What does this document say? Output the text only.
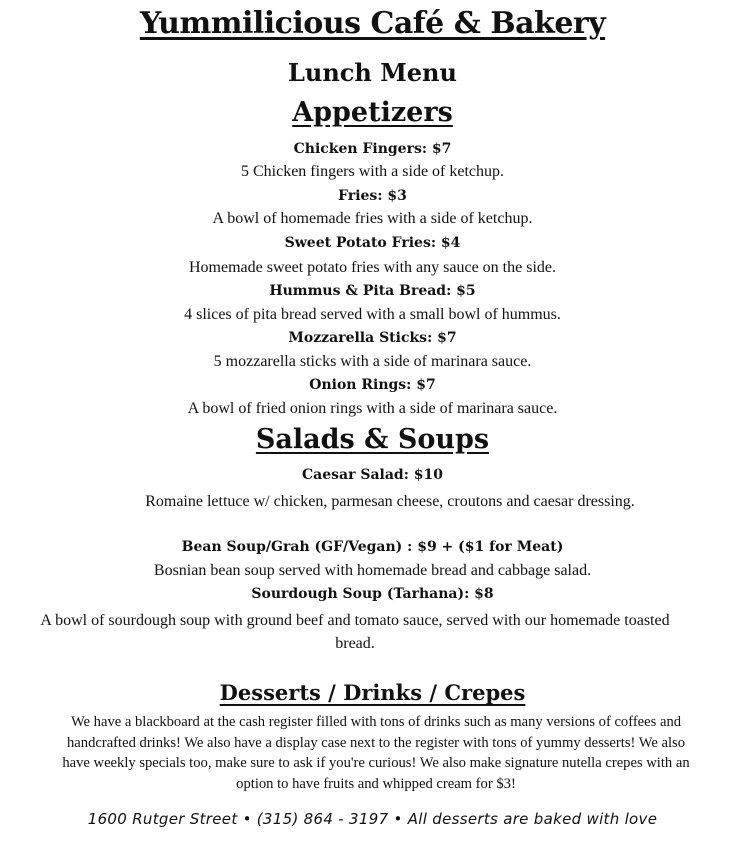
Yummilicious Café & Bakery
Lunch Menu
Appetizers
Chicken Fingers: $7
5 Chicken fingers with a side of ketchup.
Fries: $3
A bowl of homemade fries with a side of ketchup.
Sweet Potato Fries: $4
Homemade sweet potato fries with any sauce on the side.
Hummus & Pita Bread: $5
4 slices of pita bread served with a small bowl of hummus.
Mozzarella Sticks: $7
5 mozzarella sticks with a side of marinara sauce.
Onion Rings: $7
A bowl of fried onion rings with a side of marinara sauce.
Salads & Soups
Caesar Salad: $10
Romaine lettuce w/ chicken, parmesan cheese, croutons and caesar dressing.
Bean Soup/Grah (GF/Vegan) : $9 + ($1 for Meat)
Bosnian bean soup served with homemade bread and cabbage salad.
Sourdough Soup (Tarhana): $8
A bowl of sourdough soup with ground beef and tomato sauce, served with our homemade toasted bread.
Desserts / Drinks / Crepes
We have a blackboard at the cash register filled with tons of drinks such as many versions of coffees and handcrafted drinks! We also have a display case next to the register with tons of yummy desserts! We also have weekly specials too, make sure to ask if you're curious! We also make signature nutella crepes with an option to have fruits and whipped cream for $3!
1600 Rutger Street • (315) 864 - 3197 • All desserts are baked with love
